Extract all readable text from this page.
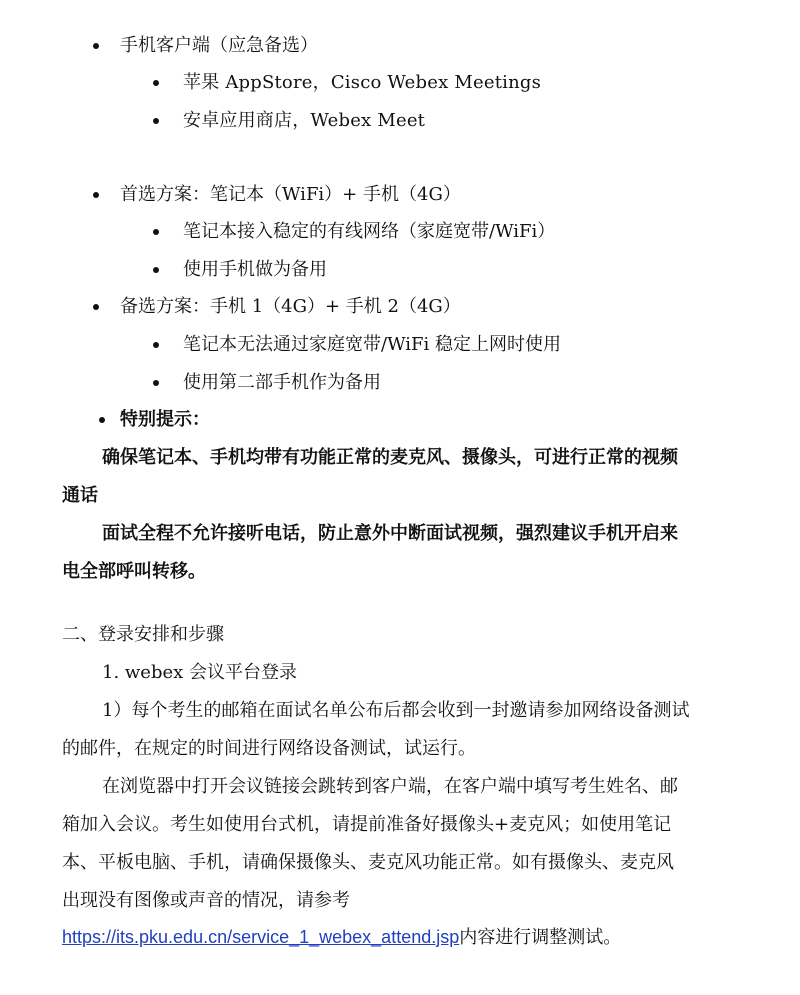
手机客户端（应急备选）
苹果 AppStore，Cisco Webex Meetings
安卓应用商店，Webex Meet
首选方案：笔记本（WiFi）+ 手机（4G）
笔记本接入稳定的有线网络（家庭宽带/WiFi）
使用手机做为备用
备选方案：手机 1（4G）+ 手机 2（4G）
笔记本无法通过家庭宽带/WiFi 稳定上网时使用
使用第二部手机作为备用
特别提示：
确保笔记本、手机均带有功能正常的麦克风、摄像头，可进行正常的视频
通话
面试全程不允许接听电话，防止意外中断面试视频，强烈建议手机开启来
电全部呼叫转移。
二、登录安排和步骤
1. webex 会议平台登录
1）每个考生的邮箱在面试名单公布后都会收到一封邀请参加网络设备测试
的邮件，在规定的时间进行网络设备测试，试运行。
在浏览器中打开会议链接会跳转到客户端，在客户端中填写考生姓名、邮
箱加入会议。考生如使用台式机，请提前准备好摄像头+麦克风；如使用笔记
本、平板电脑、手机，请确保摄像头、麦克风功能正常。如有摄像头、麦克风
出现没有图像或声音的情况，请参考
https://its.pku.edu.cn/service_1_webex_attend.jsp内容进行调整测试。
